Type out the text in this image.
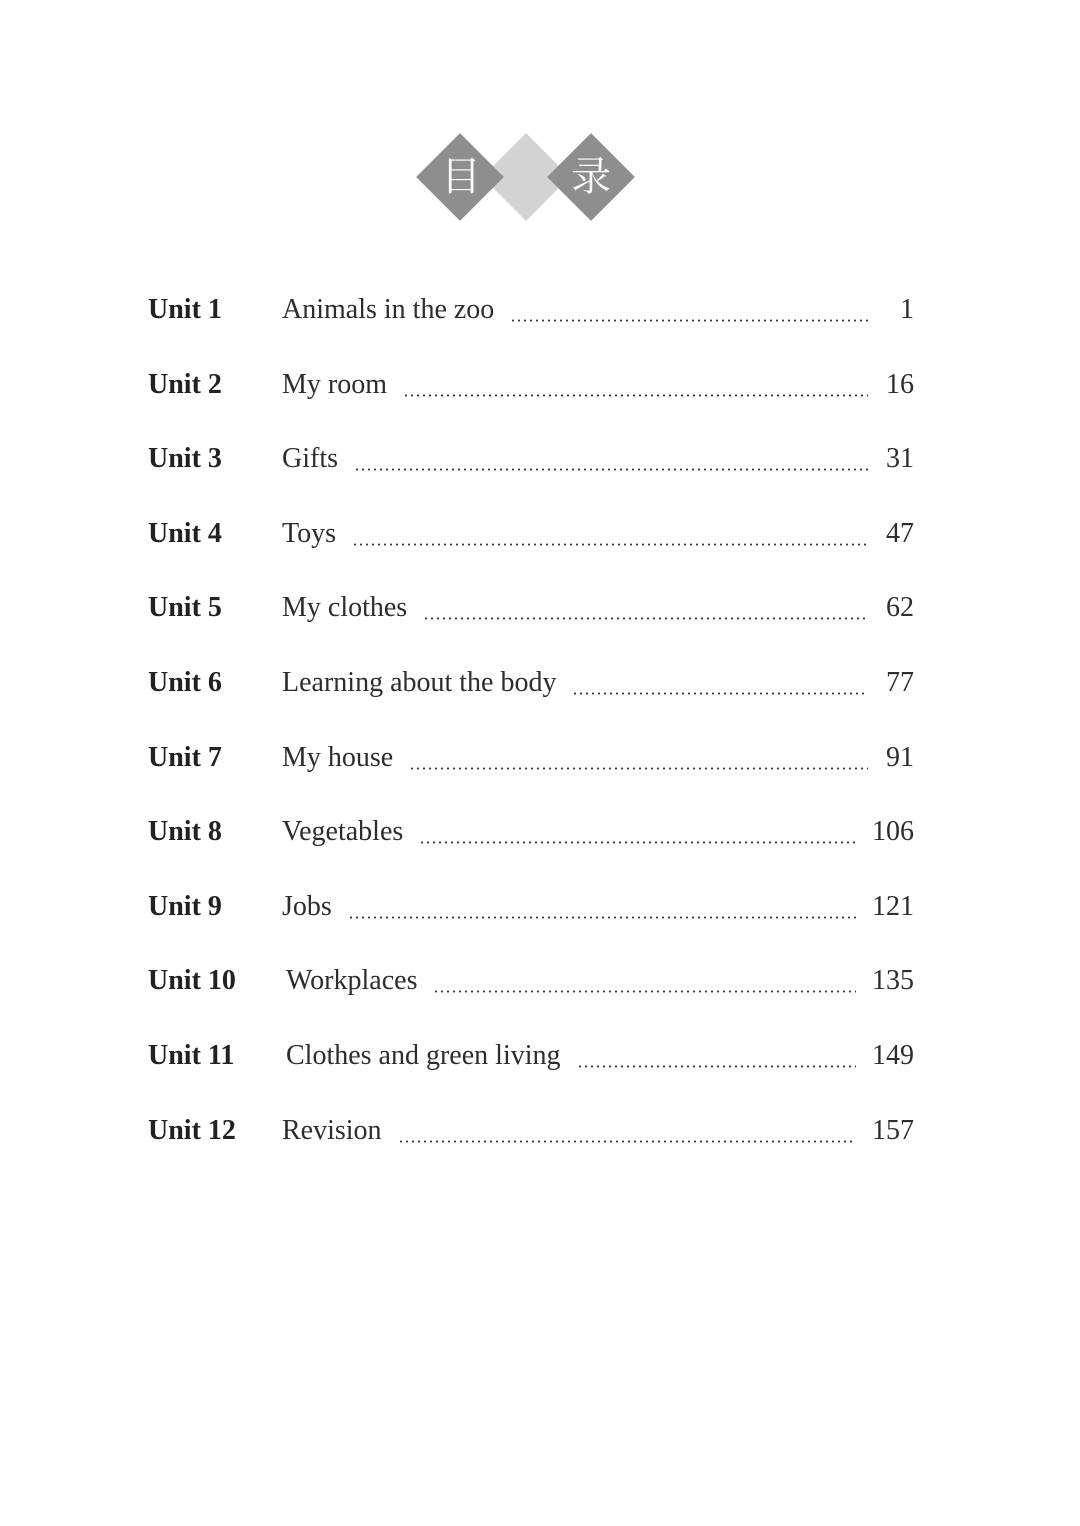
目	录
Unit 1	Animals in the zoo	1
Unit 2	My room	16
Unit 3	Gifts	31
Unit 4	Toys	47
Unit 5	My clothes	62
Unit 6	Learning about the body	77
Unit 7	My house	91
Unit 8	Vegetables	106
Unit 9	Jobs	121
Unit 10	Workplaces	135
Unit 11	Clothes and green living	149
Unit 12	Revision	157
